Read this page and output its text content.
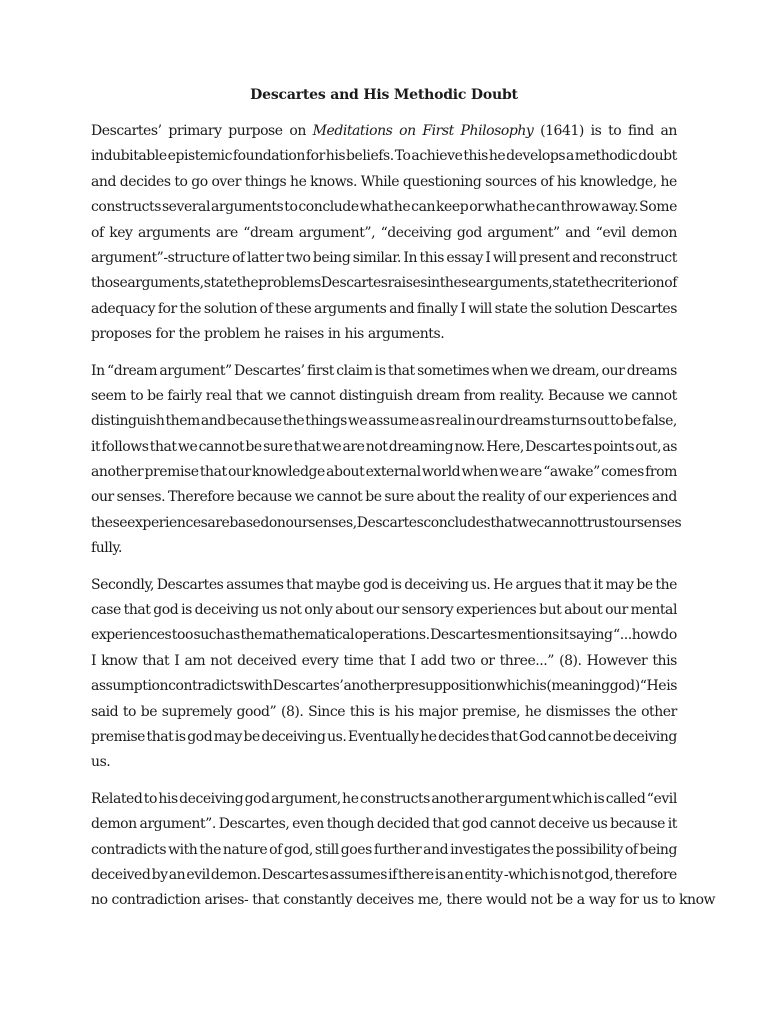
Descartes and His Methodic Doubt
Descartes’ primary purpose on Meditations on First Philosophy (1641) is to find an
indubitable epistemic foundation for his beliefs. To achieve this he develops a methodic doubt
and decides to go over things he knows. While questioning sources of his knowledge, he
constructs several arguments to conclude what he can keep or what he can throw away. Some
of key arguments are “dream argument”, “deceiving god argument” and “evil demon
argument”-structure of latter two being similar. In this essay I will present and reconstruct
those arguments, state the problems Descartes raises in these arguments, state the criterion of
adequacy for the solution of these arguments and finally I will state the solution Descartes
proposes for the problem he raises in his arguments.
In “dream argument” Descartes’ first claim is that sometimes when we dream, our dreams
seem to be fairly real that we cannot distinguish dream from reality. Because we cannot
distinguish them and because the things we assume as real in our dreams turns out to be false,
it follows that we cannot be sure that we are not dreaming now. Here, Descartes points out, as
another premise that our knowledge about external world when we are “awake” comes from
our senses. Therefore because we cannot be sure about the reality of our experiences and
these experiences are based on our senses, Descartes concludes that we cannot trust our senses
fully.
Secondly, Descartes assumes that maybe god is deceiving us. He argues that it may be the
case that god is deceiving us not only about our sensory experiences but about our mental
experiences too such as the mathematical operations. Descartes mentions it saying “...how do
I know that I am not deceived every time that I add two or three...” (8). However this
assumption contradicts with Descartes’ another presupposition which is (meaning god) “He is
said to be supremely good” (8). Since this is his major premise, he dismisses the other
premise that is god may be deceiving us. Eventually he decides that God cannot be deceiving
us.
Related to his deceiving god argument, he constructs another argument which is called “evil
demon argument”. Descartes, even though decided that god cannot deceive us because it
contradicts with the nature of god, still goes further and investigates the possibility of being
deceived by an evil demon. Descartes assumes if there is an entity -which is not god, therefore
no contradiction arises- that constantly deceives me, there would not be a way for us to know
